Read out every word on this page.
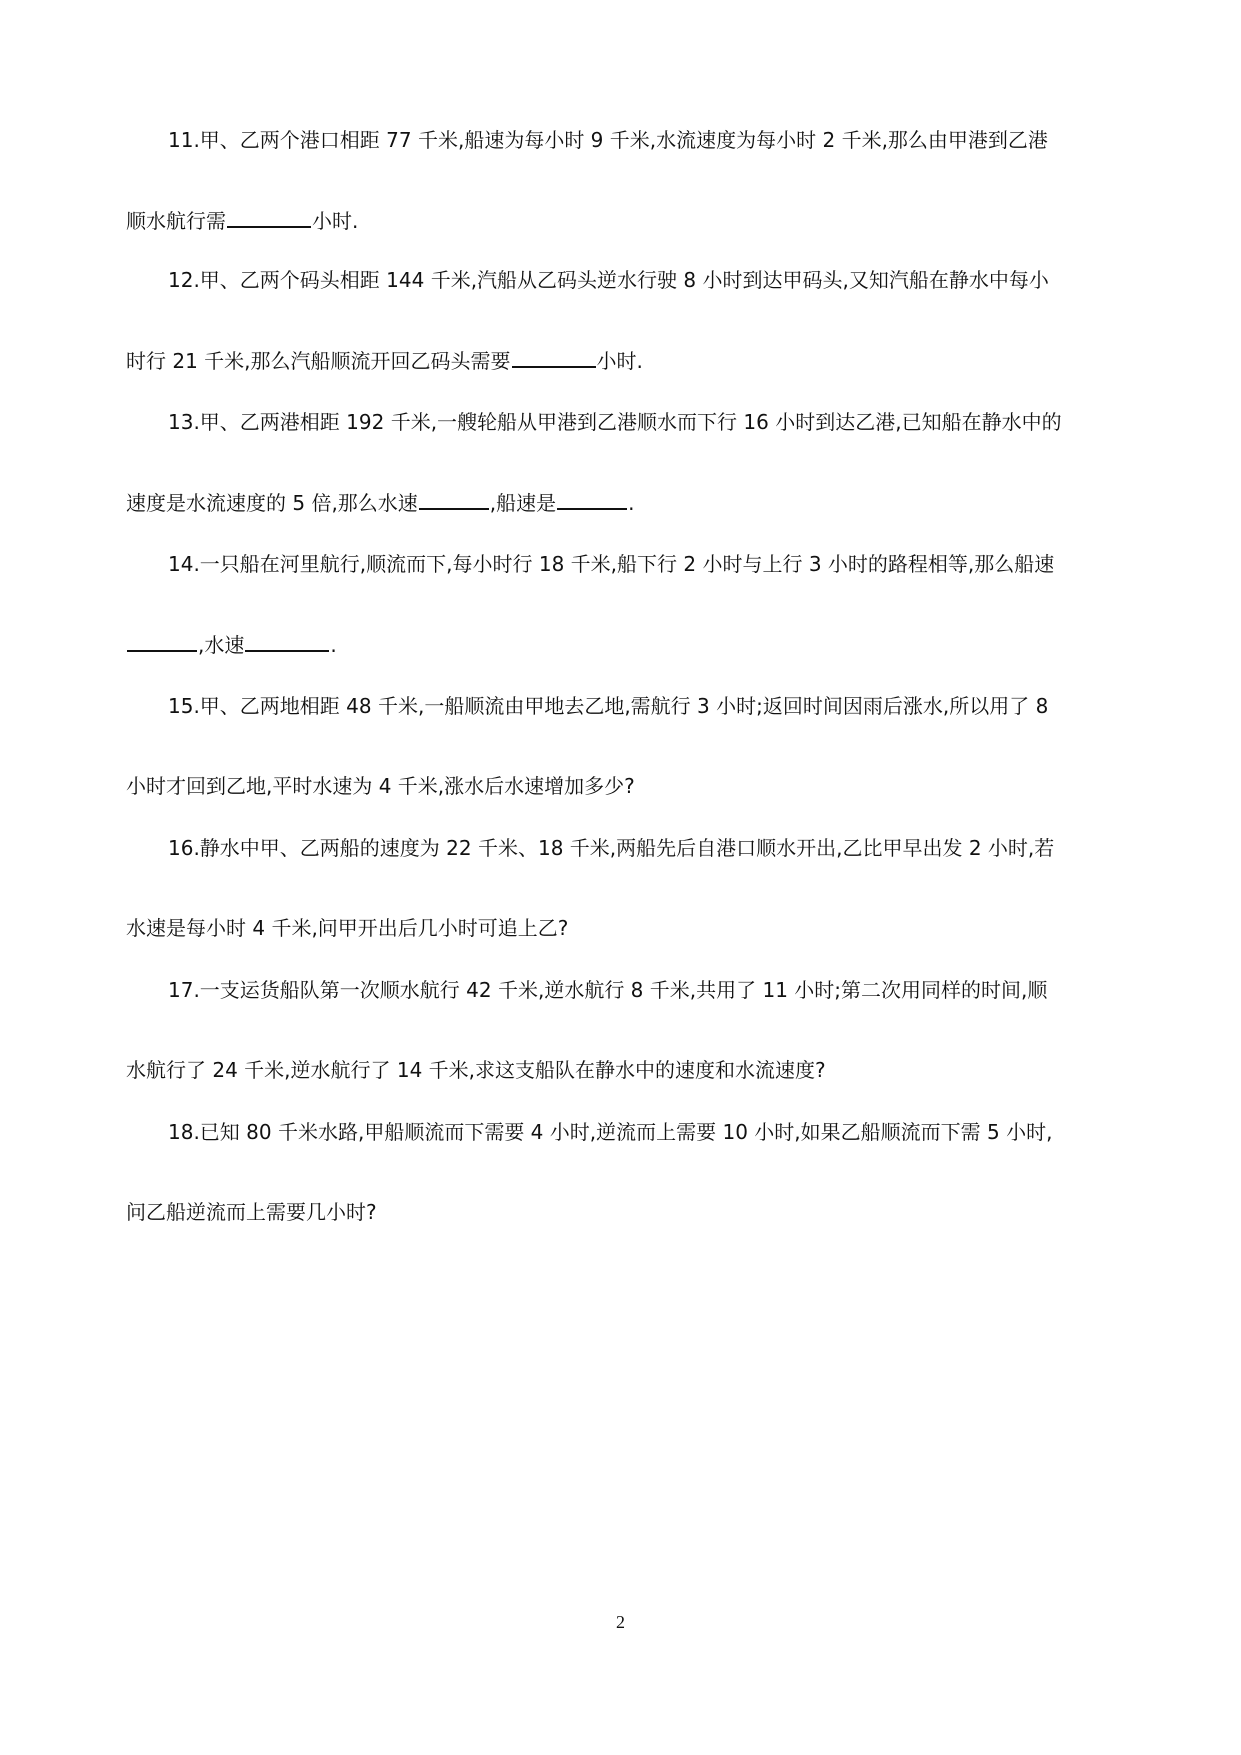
11.甲、乙两个港口相距 77 千米,船速为每小时 9 千米,水流速度为每小时 2 千米,那么由甲港到乙港
顺水航行需	小时.
12.甲、乙两个码头相距 144 千米,汽船从乙码头逆水行驶 8 小时到达甲码头,又知汽船在静水中每小
时行 21 千米,那么汽船顺流开回乙码头需要	小时.
13.甲、乙两港相距 192 千米,一艘轮船从甲港到乙港顺水而下行 16 小时到达乙港,已知船在静水中的
速度是水流速度的 5 倍,那么水速	,船速是	.
14.一只船在河里航行,顺流而下,每小时行 18 千米,船下行 2 小时与上行 3 小时的路程相等,那么船速
,水速	.
15.甲、乙两地相距 48 千米,一船顺流由甲地去乙地,需航行 3 小时;返回时间因雨后涨水,所以用了 8
小时才回到乙地,平时水速为 4 千米,涨水后水速增加多少?
16.静水中甲、乙两船的速度为 22 千米、18 千米,两船先后自港口顺水开出,乙比甲早出发 2 小时,若
水速是每小时 4 千米,问甲开出后几小时可追上乙?
17.一支运货船队第一次顺水航行 42 千米,逆水航行 8 千米,共用了 11 小时;第二次用同样的时间,顺
水航行了 24 千米,逆水航行了 14 千米,求这支船队在静水中的速度和水流速度?
18.已知 80 千米水路,甲船顺流而下需要 4 小时,逆流而上需要 10 小时,如果乙船顺流而下需 5 小时,
问乙船逆流而上需要几小时?
2
